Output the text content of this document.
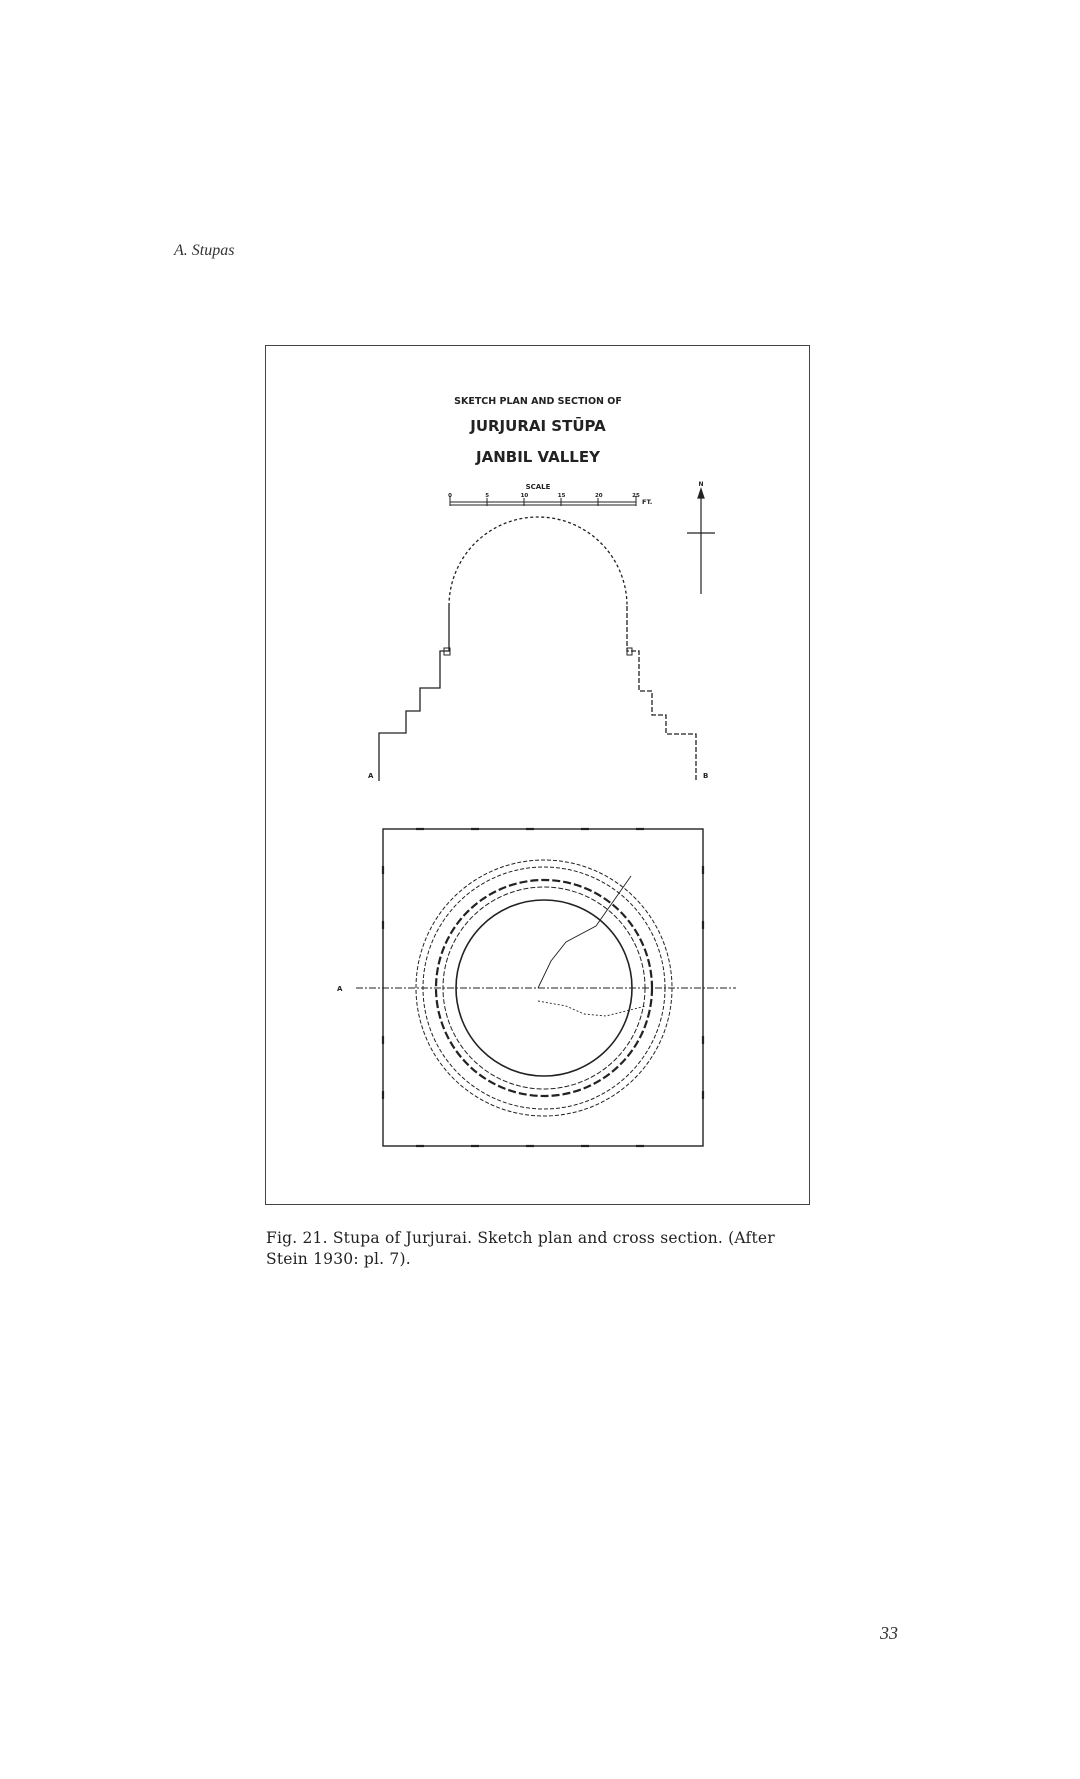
A. Stupas
SKETCH PLAN AND SECTION OF
JURJURAI STŪPA
JANBIL VALLEY
SCALE
0	5	10	15	20	25
FT.
N
A	B
A
Fig. 21. Stupa of Jurjurai. Sketch plan and cross section. (After Stein 1930: pl. 7).
33
